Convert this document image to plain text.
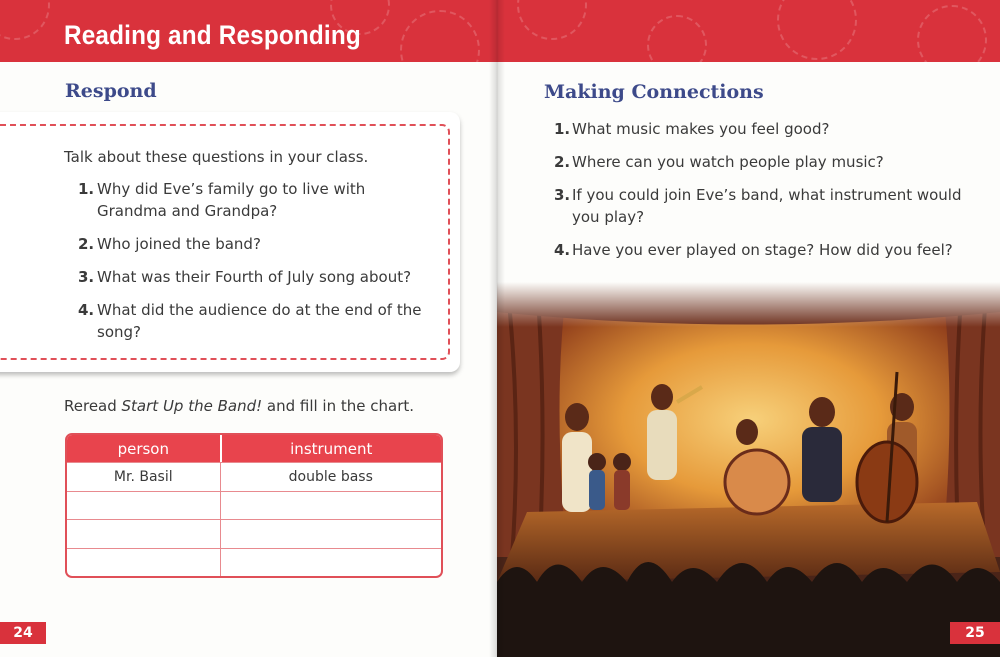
Reading and Responding
Respond
Talk about these questions in your class.
1. Why did Eve’s family go to live with Grandma and Grandpa?
2. Who joined the band?
3. What was their Fourth of July song about?
4. What did the audience do at the end of the song?
Reread Start Up the Band! and fill in the chart.
person	instrument
Mr. Basil	double bass

24
Making Connections
1. What music makes you feel good?
2. Where can you watch people play music?
3. If you could join Eve’s band, what instrument would you play?
4. Have you ever played on stage? How did you feel?
25
